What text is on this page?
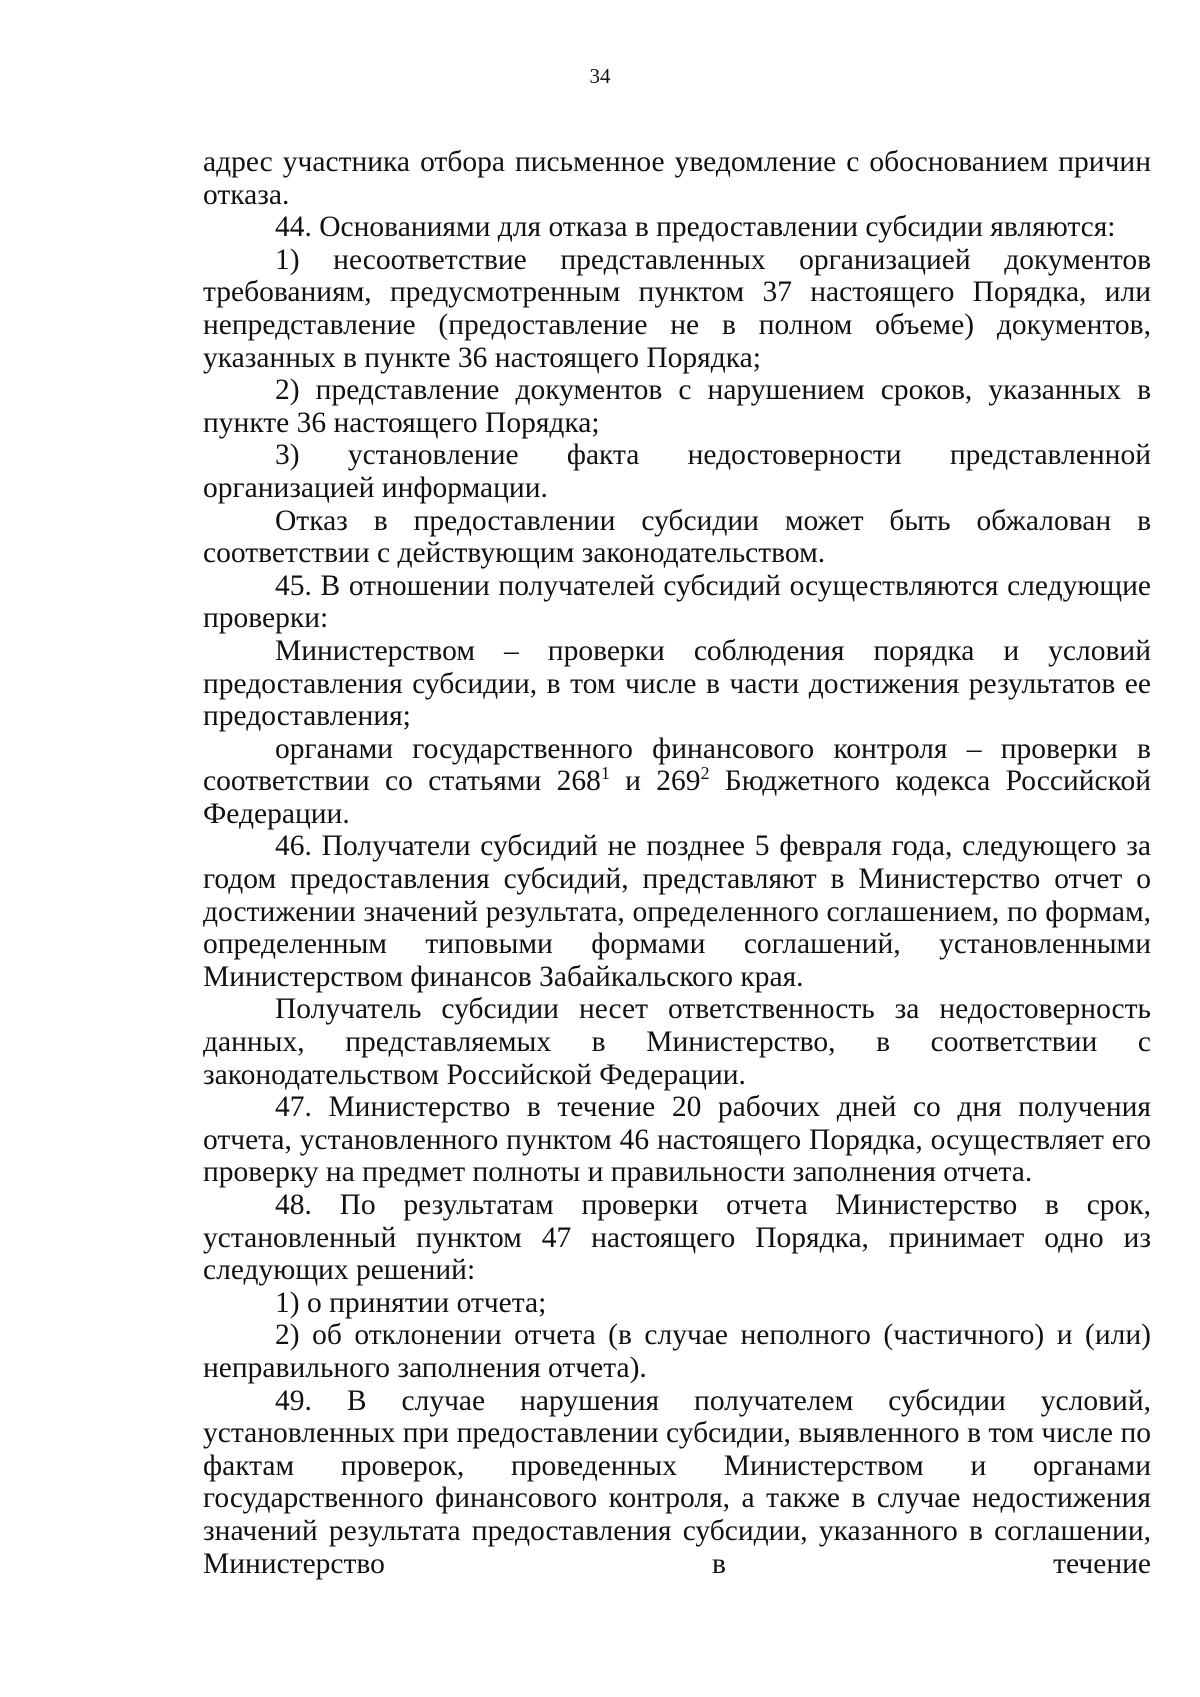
34

адрес участника отбора письменное уведомление с обоснованием причин отказа.

44. Основаниями для отказа в предоставлении субсидии являются:

1) несоответствие представленных организацией документов требованиям, предусмотренным пунктом 37 настоящего Порядка, или непредставление (предоставление не в полном объеме) документов, указанных в пункте 36 настоящего Порядка;

2) представление документов с нарушением сроков, указанных в пункте 36 настоящего Порядка;

3) установление факта недостоверности представленной организацией информации.

Отказ в предоставлении субсидии может быть обжалован в соответствии с действующим законодательством.

45. В отношении получателей субсидий осуществляются следующие проверки:

Министерством – проверки соблюдения порядка и условий предоставления субсидии, в том числе в части достижения результатов ее предоставления;

органами государственного финансового контроля – проверки в соответствии со статьями $268^1$ и $269^2$ Бюджетного кодекса Российской Федерации.

46. Получатели субсидий не позднее 5 февраля года, следующего за годом предоставления субсидий, представляют в Министерство отчет о достижении значений результата, определенного соглашением, по формам, определенным типовыми формами соглашений, установленными Министерством финансов Забайкальского края.

Получатель субсидии несет ответственность за недостоверность данных, представляемых в Министерство, в соответствии с законодательством Российской Федерации.

47. Министерство в течение 20 рабочих дней со дня получения отчета, установленного пунктом 46 настоящего Порядка, осуществляет его проверку на предмет полноты и правильности заполнения отчета.

48. По результатам проверки отчета Министерство в срок, установленный пунктом 47 настоящего Порядка, принимает одно из следующих решений:

1) о принятии отчета;

2) об отклонении отчета (в случае неполного (частичного) и (или) неправильного заполнения отчета).

49. В случае нарушения получателем субсидии условий, установленных при предоставлении субсидии, выявленного в том числе по фактам проверок, проведенных Министерством и органами государственного финансового контроля, а также в случае недостижения значений результата предоставления субсидии, указанного в соглашении, Министерство в течение
